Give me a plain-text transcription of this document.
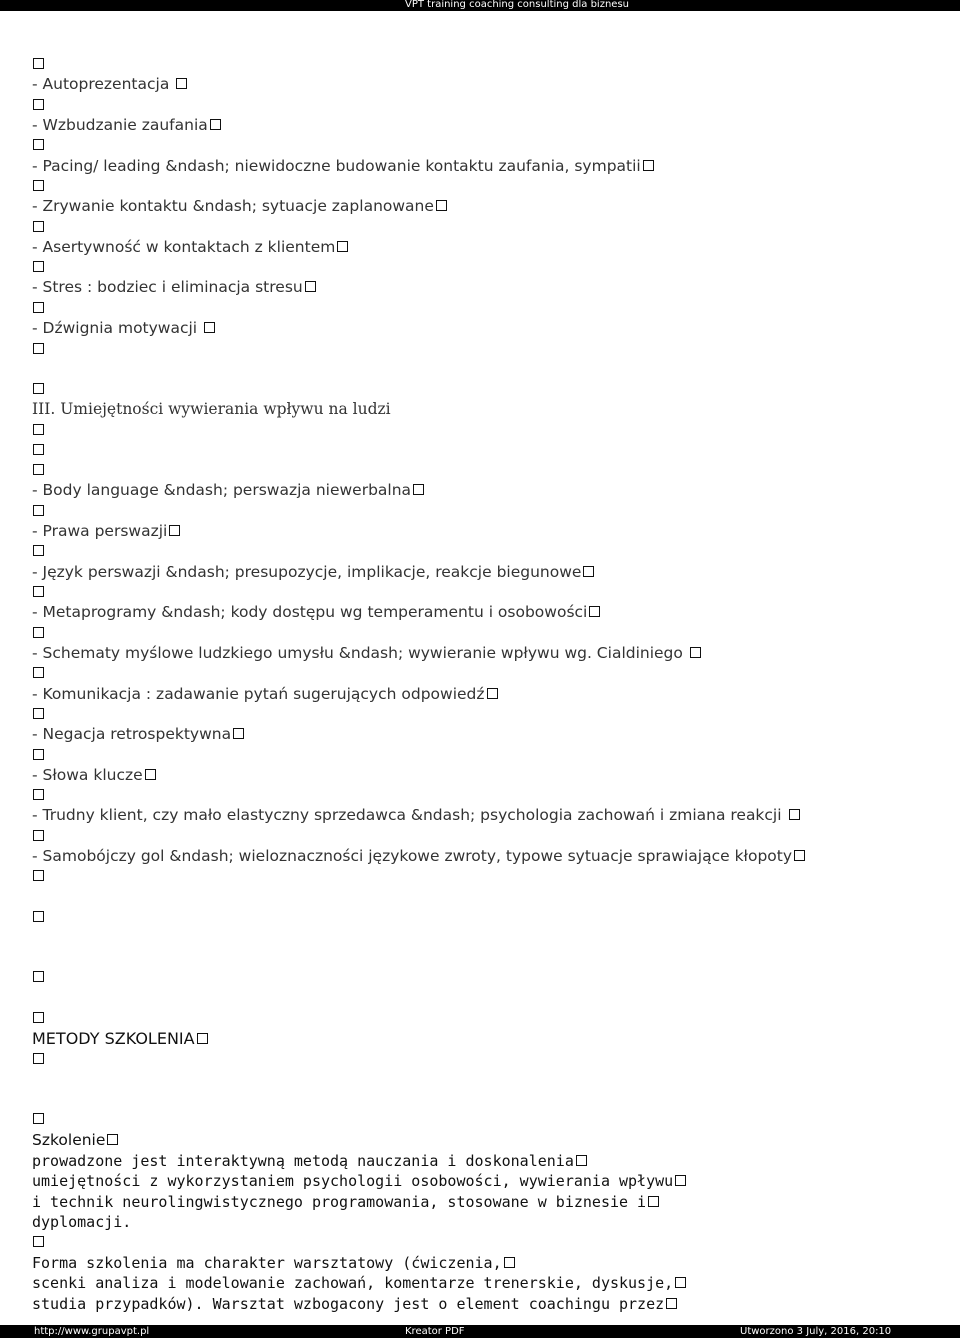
VPT training coaching consulting dla biznesu
- Autoprezentacja
- Wzbudzanie zaufania
- Pacing/ leading &ndash; niewidoczne budowanie kontaktu zaufania, sympatii
- Zrywanie kontaktu &ndash; sytuacje zaplanowane
- Asertywność w kontaktach z klientem
- Stres : bodziec i eliminacja stresu
- Dźwignia motywacji
III. Umiejętności wywierania wpływu na ludzi
- Body language &ndash; perswazja niewerbalna
- Prawa perswazji
- Język perswazji &ndash; presupozycje, implikacje, reakcje biegunowe
- Metaprogramy &ndash; kody dostępu wg temperamentu i osobowości
- Schematy myślowe ludzkiego umysłu &ndash; wywieranie wpływu wg. Cialdiniego
- Komunikacja : zadawanie pytań sugerujących odpowiedź
- Negacja retrospektywna
- Słowa klucze
- Trudny klient, czy mało elastyczny sprzedawca &ndash; psychologia zachowań i zmiana reakcji
- Samobójczy gol &ndash; wieloznaczności językowe zwroty, typowe sytuacje sprawiające kłopoty
METODY SZKOLENIA
Szkolenie
prowadzone jest interaktywną metodą nauczania i doskonalenia
umiejętności z wykorzystaniem psychologii osobowości, wywierania wpływu
i technik neurolingwistycznego programowania, stosowane w biznesie i
dyplomacji.
Forma szkolenia ma charakter warsztatowy (ćwiczenia,
scenki analiza i modelowanie zachowań, komentarze trenerskie, dyskusje,
studia przypadków). Warsztat wzbogacony jest o element coachingu przez
http://www.grupavpt.pl	Kreator PDF	Utworzono 3 July, 2016, 20:10
